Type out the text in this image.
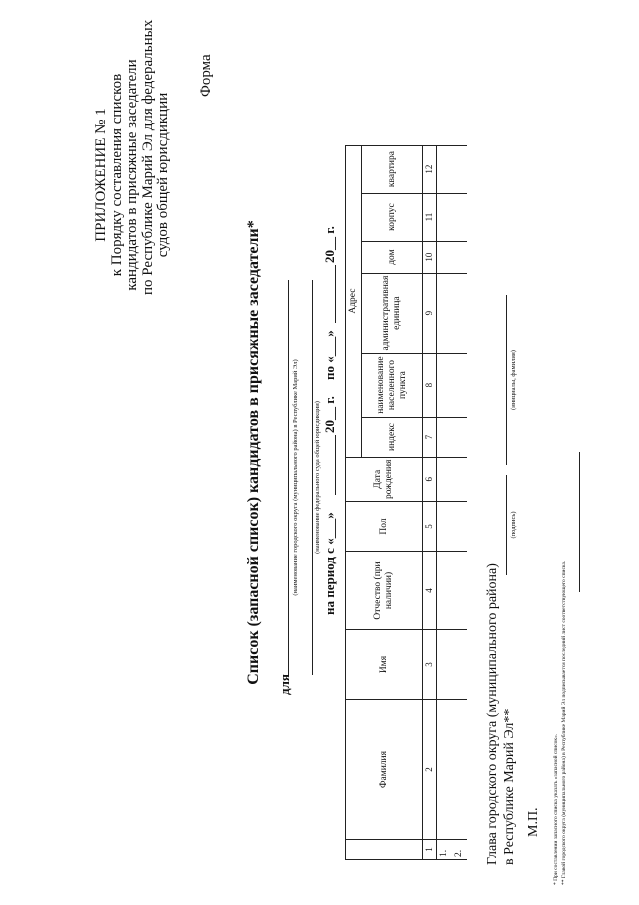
ПРИЛОЖЕНИЕ № 1 к Порядку составления списков кандидатов в присяжные заседатели по Республике Марий Эл для федеральных судов общей юрисдикции
Форма
Список (запасной список) кандидатов в присяжные заседатели* для
(наименование городского округа (муниципального района) в Республике Марий Эл) (наименование федерального суда общей юрисдикции)
на период с «___»
20__ г.
по «___»
20__ г.
	Фамилия	Имя	Отчество (при наличии)	Пол	Дата рождения	Адрес					
						индекс	наименование населенного пункта	административная единица	дом	корпус	квартира
1	2	3	4	5	6	7	8	9	10	11	12
1.											
2.											Глава городского округа (муниципального района) в Республике Марий Эл**
(подпись)
(инициалы, фамилия)
М.П. * При составлении запасного списка указать «запасной список». ** Главой городского округа (муниципального района) в Республике Марий Эл подписывается последний лист соответствующего списка.
